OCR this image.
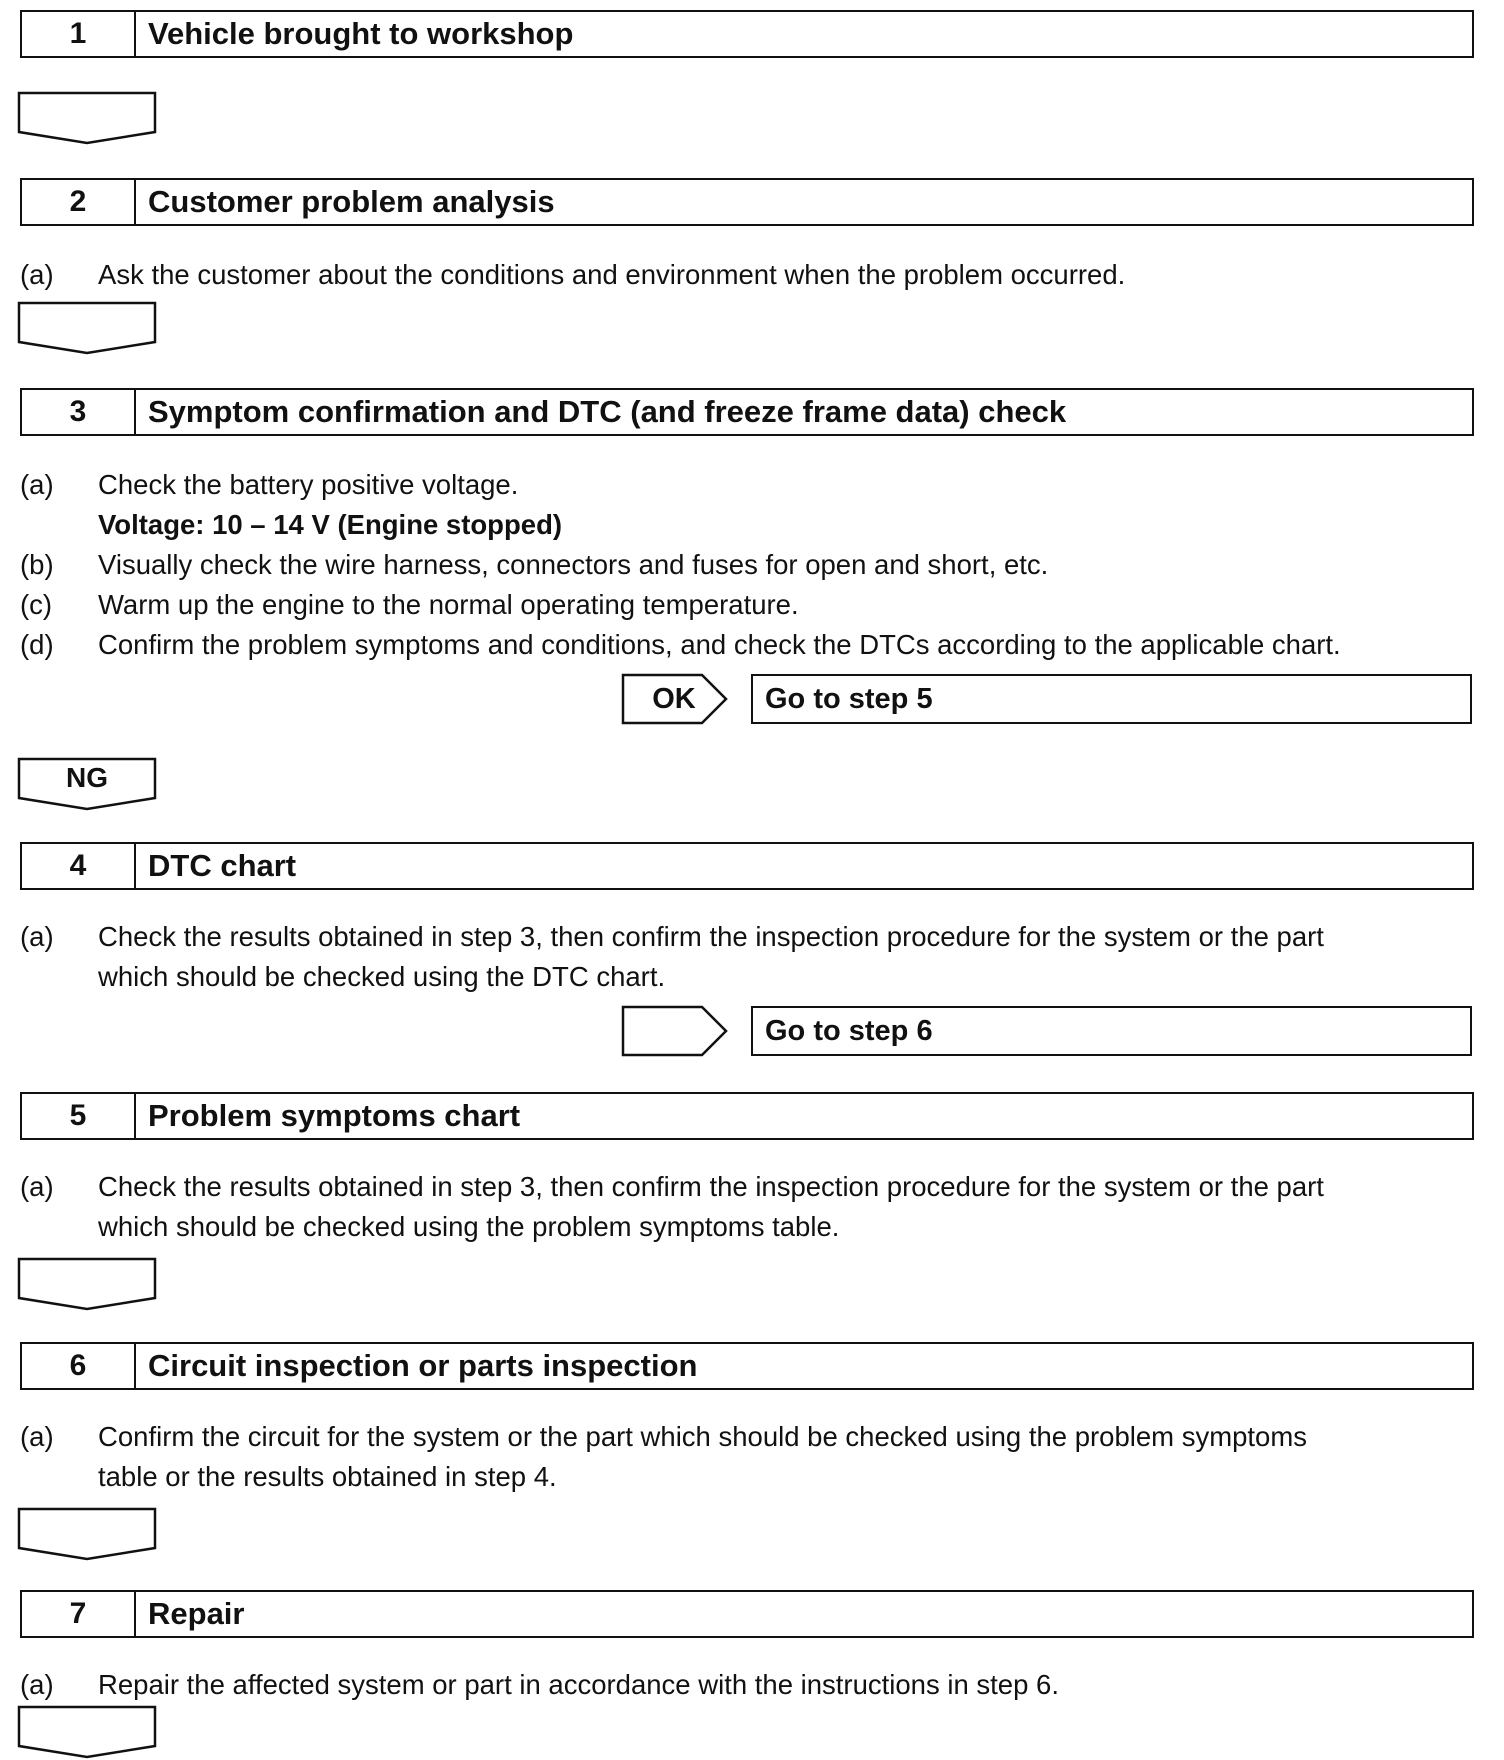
1	Vehicle brought to workshop
2	Customer problem analysis
(a) Ask the customer about the conditions and environment when the problem occurred.
3	Symptom confirmation and DTC (and freeze frame data) check
(a) Check the battery positive voltage.
Voltage: 10 – 14 V (Engine stopped)
(b) Visually check the wire harness, connectors and fuses for open and short, etc.
(c) Warm up the engine to the normal operating temperature.
(d) Confirm the problem symptoms and conditions, and check the DTCs according to the applicable chart.
OK	Go to step 5
NG
4	DTC chart
(a) Check the results obtained in step 3, then confirm the inspection procedure for the system or the part
which should be checked using the DTC chart.
Go to step 6
5	Problem symptoms chart
(a) Check the results obtained in step 3, then confirm the inspection procedure for the system or the part
which should be checked using the problem symptoms table.
6	Circuit inspection or parts inspection
(a) Confirm the circuit for the system or the part which should be checked using the problem symptoms
table or the results obtained in step 4.
7	Repair
(a) Repair the affected system or part in accordance with the instructions in step 6.
